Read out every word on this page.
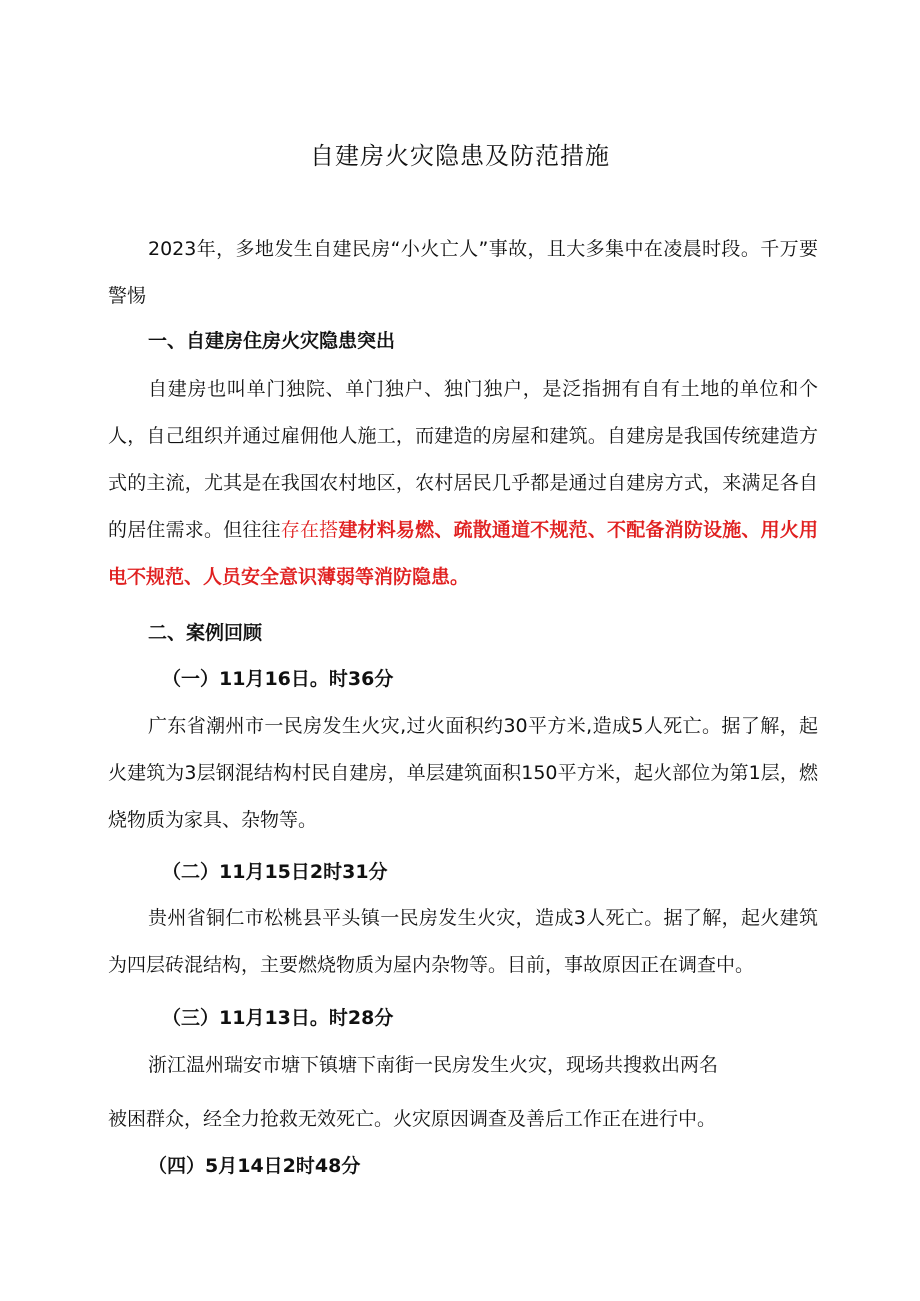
自建房火灾隐患及防范措施
2023年，多地发生自建民房“小火亡人”事故，且大多集中在凌晨时段。千万要警惕
一、自建房住房火灾隐患突出
自建房也叫单门独院、单门独户、独门独户，是泛指拥有自有土地的单位和个人，自己组织并通过雇佣他人施工，而建造的房屋和建筑。自建房是我国传统建造方式的主流，尤其是在我国农村地区，农村居民几乎都是通过自建房方式，来满足各自的居住需求。但往往存在搭建材料易燃、疏散通道不规范、不配备消防设施、用火用电不规范、人员安全意识薄弱等消防隐患。
二、案例回顾
（一）11月16日。时36分
广东省潮州市一民房发生火灾,过火面积约30平方米,造成5人死亡。据了解，起火建筑为3层钢混结构村民自建房，单层建筑面积150平方米，起火部位为第1层，燃烧物质为家具、杂物等。
（二）11月15日2时31分
贵州省铜仁市松桃县平头镇一民房发生火灾，造成3人死亡。据了解，起火建筑为四层砖混结构，主要燃烧物质为屋内杂物等。目前，事故原因正在调查中。
（三）11月13日。时28分
浙江温州瑞安市塘下镇塘下南街一民房发生火灾，现场共搜救出两名
被困群众，经全力抢救无效死亡。火灾原因调查及善后工作正在进行中。
（四）5月14日2时48分
